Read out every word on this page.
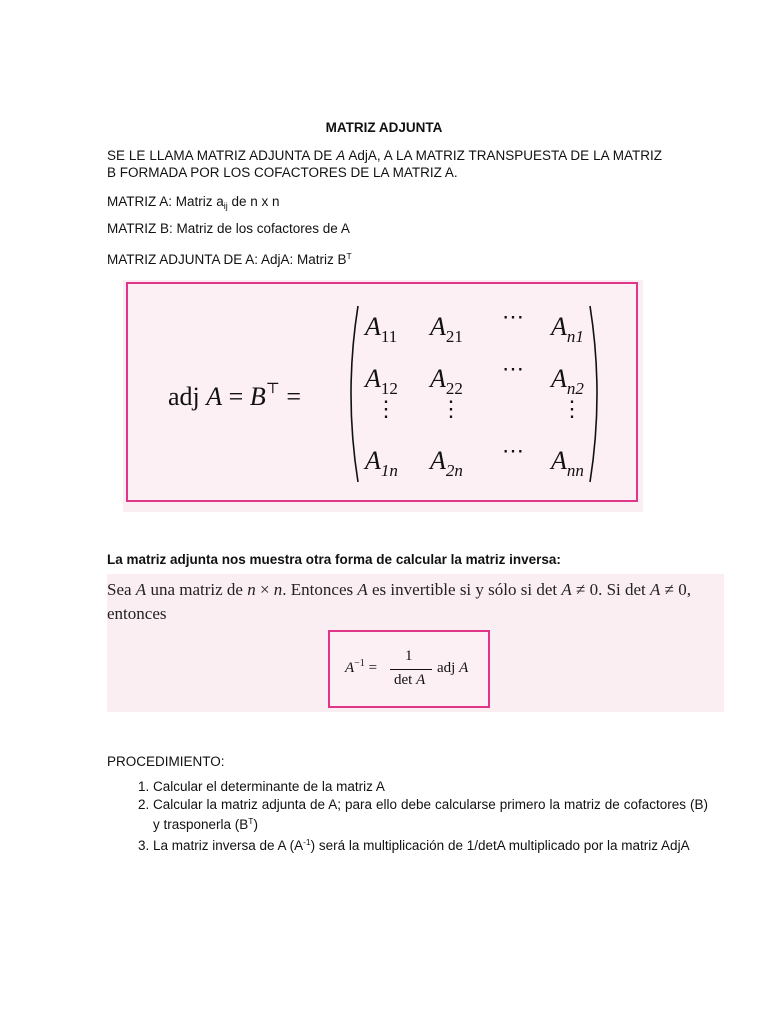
MATRIZ ADJUNTA

SE LE LLAMA MATRIZ ADJUNTA DE A AdjA, A LA MATRIZ TRANSPUESTA DE LA MATRIZ B FORMADA POR LOS COFACTORES DE LA MATRIZ A.

MATRIZ A: Matriz $a_{ij}$ de n x n

MATRIZ B: Matriz de los cofactores de A

MATRIZ ADJUNTA DE A: AdjA: Matriz $B^T$

adj A = B⊤ =
$A_{11}$ $A_{21}$
⋯ $A_{n1}$
$A_{12}$ $A_{22}$
⋯ $A_{n2}$
⋮ ⋮	⋮
$A_{1n}$ $A_{2n}$
⋯ $A_{nn}$

La matriz adjunta nos muestra otra forma de calcular la matriz inversa:

Sea A una matriz de n × n. Entonces A es invertible si y sólo si det A ≠ 0. Si det A ≠ 0,
entonces
$A^{-1}$ =
1
det A
adj A

PROCEDIMIENTO:

1. Calcular el determinante de la matriz A
2. Calcular la matriz adjunta de A; para ello debe calcularse primero la matriz de cofactores (B) y trasponerla $(B^T)$
3. La matriz inversa de A $(A^{-1})$ será la multiplicación de 1/detA multiplicado por la matriz AdjA
